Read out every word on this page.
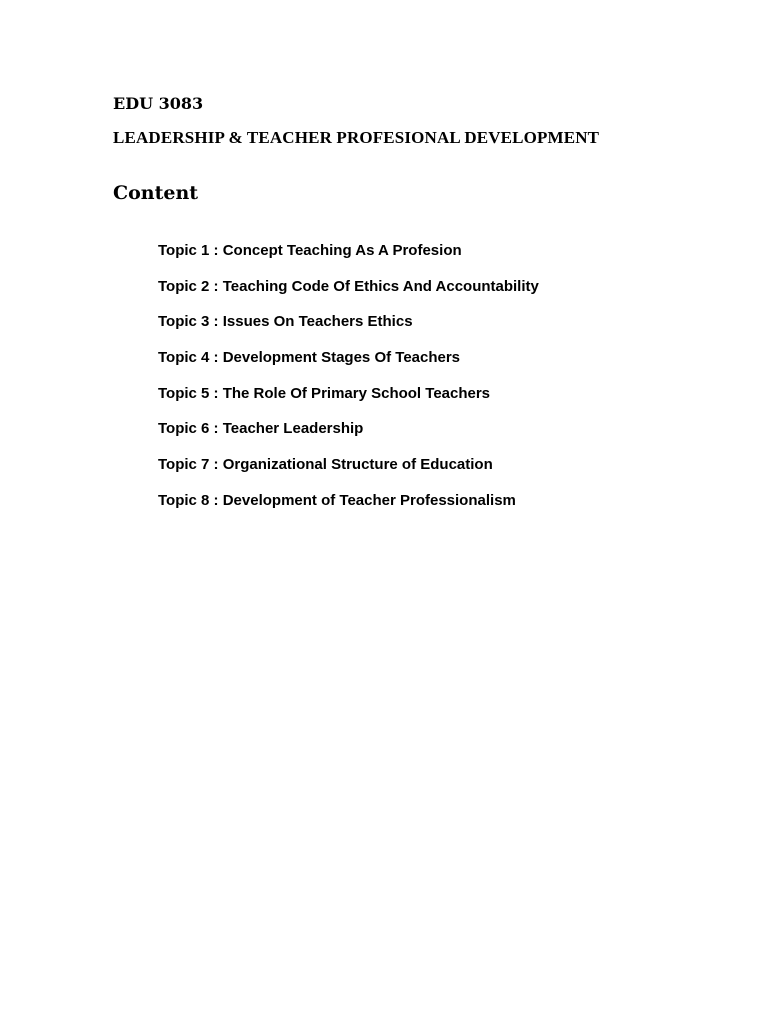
EDU 3083
LEADERSHIP & TEACHER PROFESIONAL DEVELOPMENT
Content
Topic 1 : Concept Teaching As A Profesion
Topic 2 : Teaching Code Of Ethics And Accountability
Topic 3 : Issues On Teachers Ethics
Topic 4 : Development Stages Of Teachers
Topic 5 : The Role Of Primary School Teachers
Topic 6 : Teacher Leadership
Topic 7 : Organizational Structure of Education
Topic 8 : Development of Teacher Professionalism
